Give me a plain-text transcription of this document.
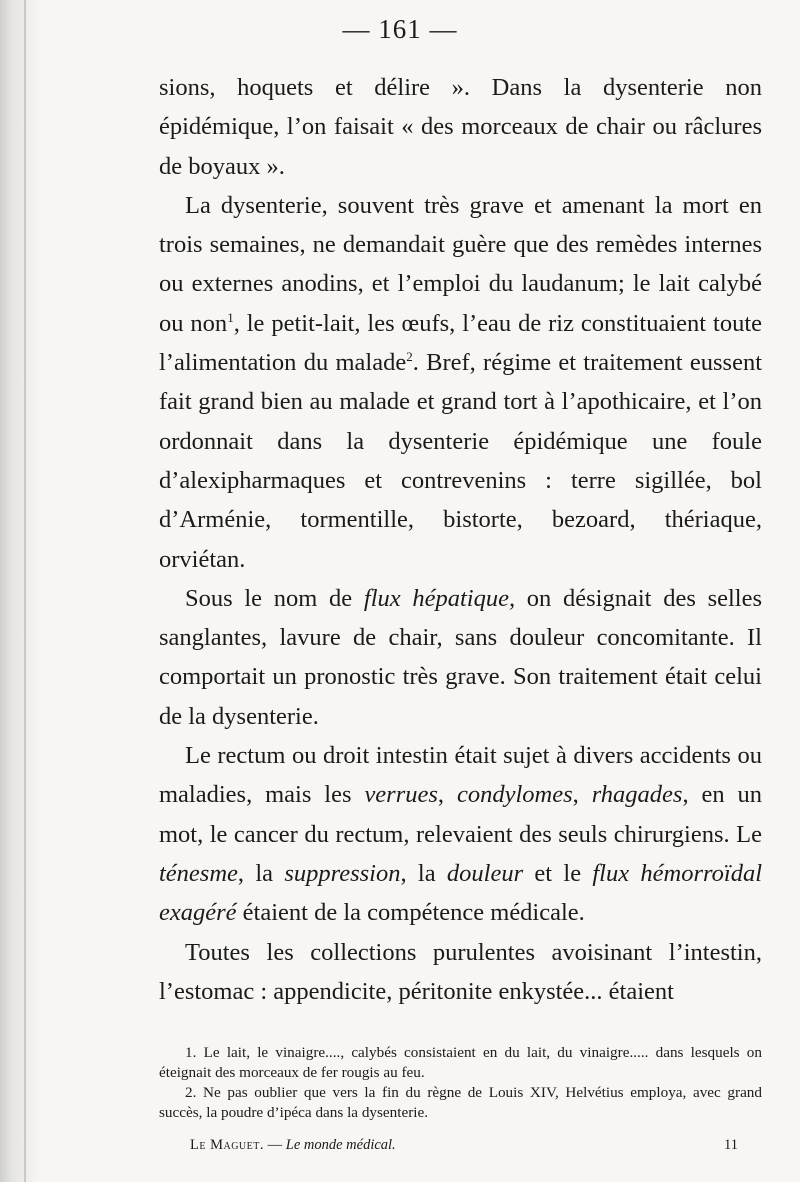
— 161 —

sions, hoquets et délire ». Dans la dysenterie non épidémique, l’on faisait « des morceaux de chair ou râclures de boyaux ».

La dysenterie, souvent très grave et amenant la mort en trois semaines, ne demandait guère que des remèdes internes ou externes anodins, et l’emploi du laudanum; le lait calybé ou non$^1$, le petit-lait, les œufs, l’eau de riz constituaient toute l’alimentation du malade$^2$. Bref, régime et traitement eussent fait grand bien au malade et grand tort à l’apothicaire, et l’on ordonnait dans la dysenterie épidémique une foule d’alexipharmaques et contrevenins : terre sigillée, bol d’Arménie, tormentille, bistorte, bezoard, thériaque, orviétan.

Sous le nom de flux hépatique, on désignait des selles sanglantes, lavure de chair, sans douleur concomitante. Il comportait un pronostic très grave. Son traitement était celui de la dysenterie.

Le rectum ou droit intestin était sujet à divers accidents ou maladies, mais les verrues, condylomes, rhagades, en un mot, le cancer du rectum, relevaient des seuls chirurgiens. Le ténesme, la suppression, la douleur et le flux hémorroïdal exagéré étaient de la compétence médicale.

Toutes les collections purulentes avoisinant l’intestin, l’estomac : appendicite, péritonite enkystée... étaient

1. Le lait, le vinaigre...., calybés consistaient en du lait, du vinaigre..... dans lesquels on éteignait des morceaux de fer rougis au feu.

2. Ne pas oublier que vers la fin du règne de Louis XIV, Helvétius employa, avec grand succès, la poudre d’ipéca dans la dysenterie.

Le Maguet. — Le monde médical.	11
